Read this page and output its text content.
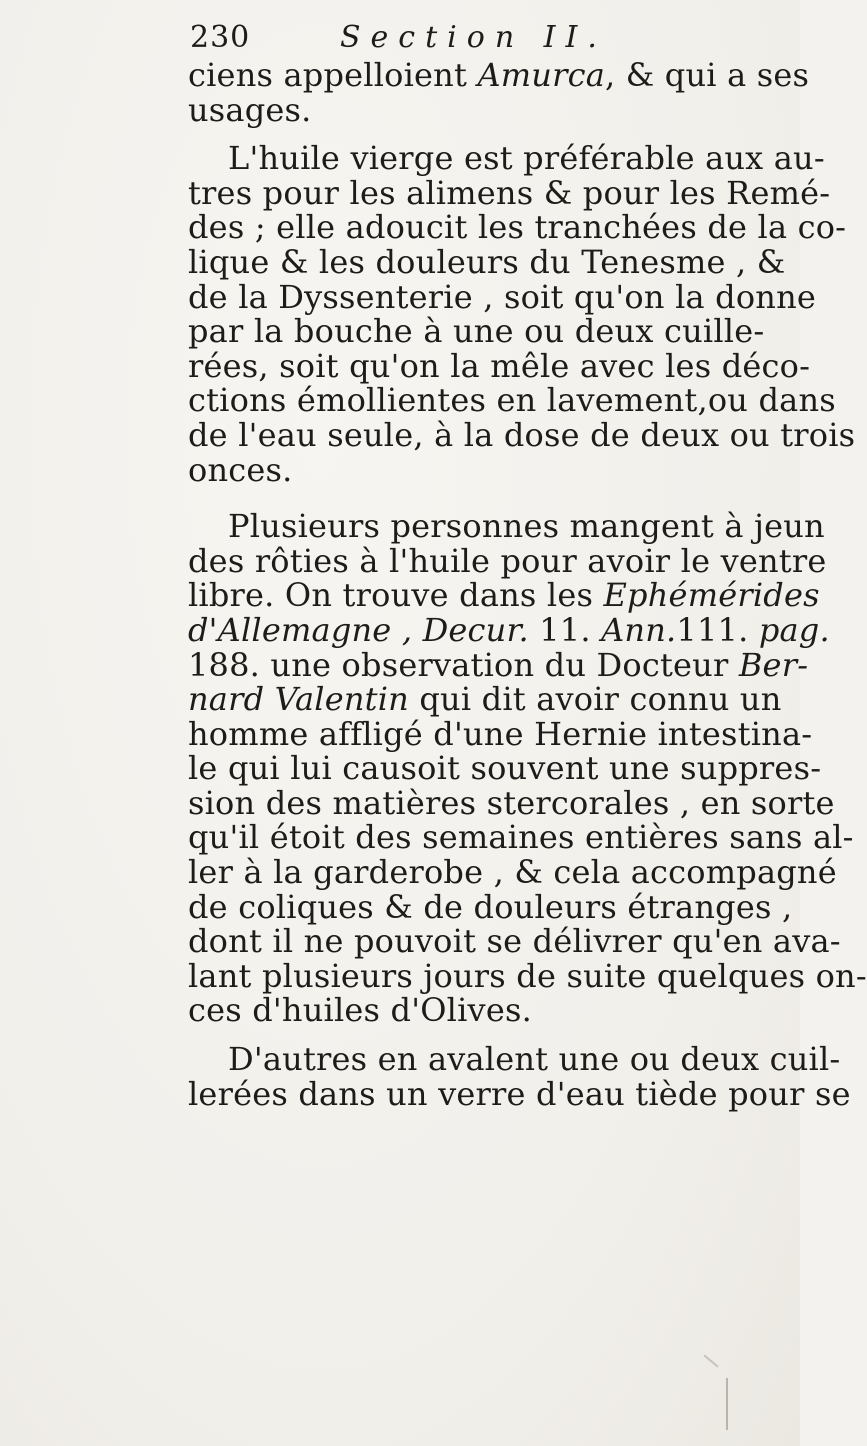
230	Section II.
ciens appelloient Amurca, & qui a ses
usages.
L'huile vierge est préférable aux au-
tres pour les alimens & pour les Remé-
des ; elle adoucit les tranchées de la co-
lique & les douleurs du Tenesme , &
de la Dyssenterie , soit qu'on la donne
par la bouche à une ou deux cuille-
rées, soit qu'on la mêle avec les déco-
ctions émollientes en lavement,ou dans
de l'eau seule, à la dose de deux ou trois
onces.
Plusieurs personnes mangent à jeun
des rôties à l'huile pour avoir le ventre
libre. On trouve dans les Ephémérides
d'Allemagne , Decur. 11. Ann.111. pag.
188. une observation du Docteur Ber-
nard Valentin qui dit avoir connu un
homme affligé d'une Hernie intestina-
le qui lui causoit souvent une suppres-
sion des matières stercorales , en sorte
qu'il étoit des semaines entières sans al-
ler à la garderobe , & cela accompagné
de coliques & de douleurs étranges ,
dont il ne pouvoit se délivrer qu'en ava-
lant plusieurs jours de suite quelques on-
ces d'huiles d'Olives.
D'autres en avalent une ou deux cuil-
lerées dans un verre d'eau tiède pour se
